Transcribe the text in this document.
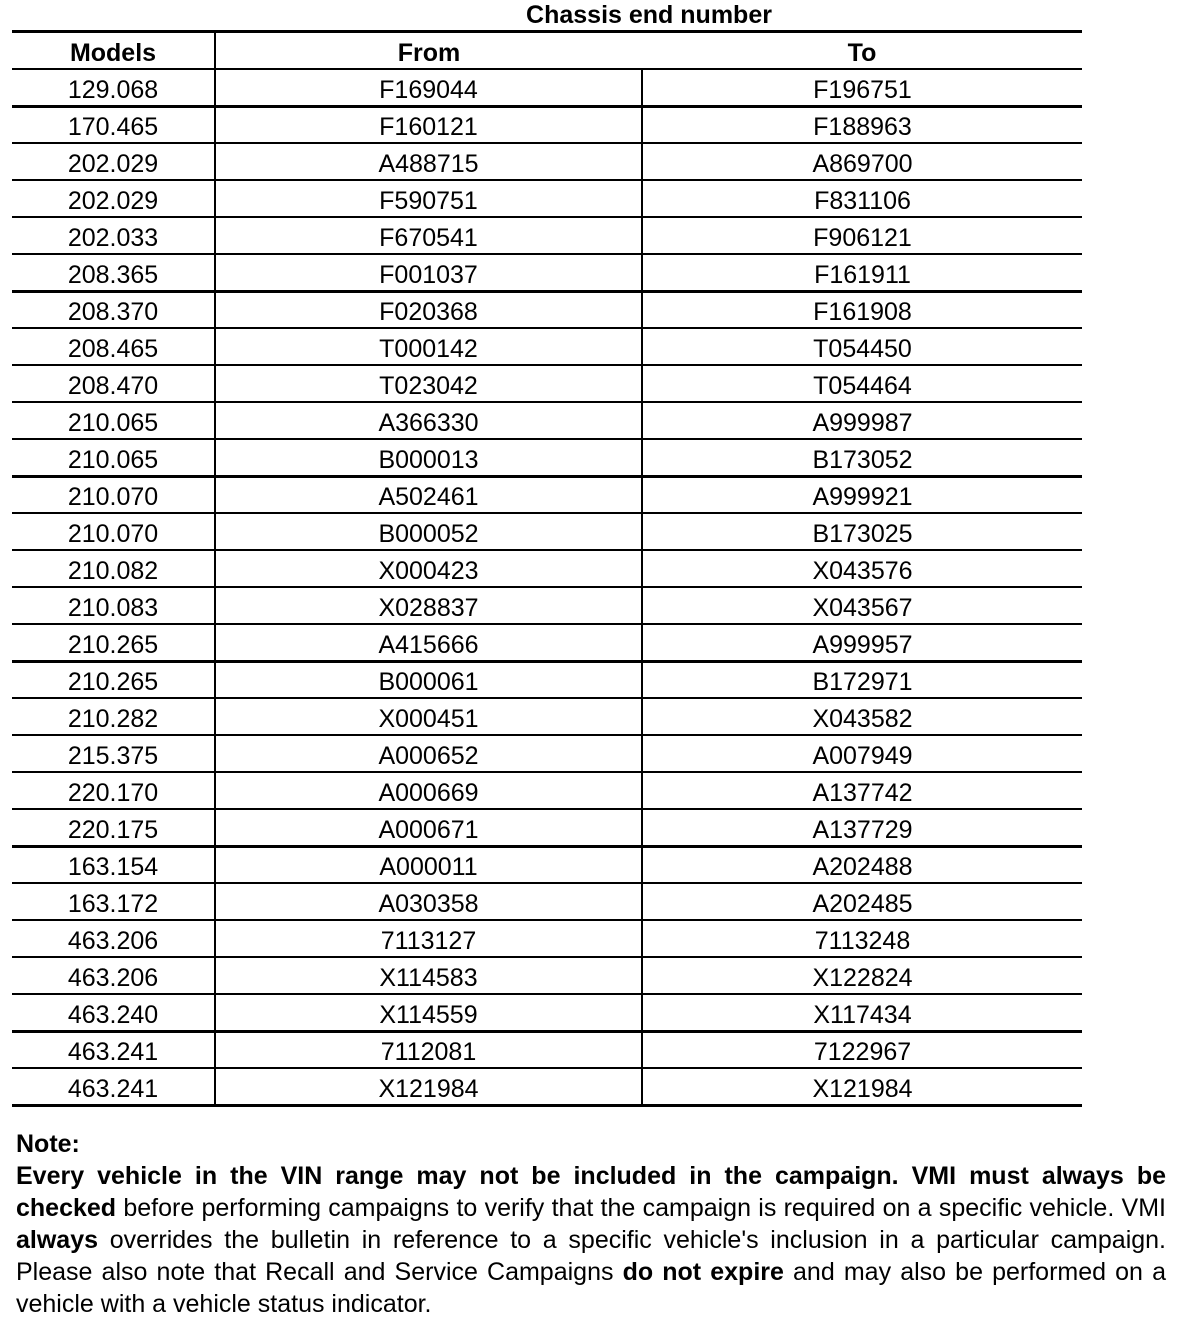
Chassis end number
Models	From	To
129.068	F169044	F196751
170.465	F160121	F188963
202.029	A488715	A869700
202.029	F590751	F831106
202.033	F670541	F906121
208.365	F001037	F161911
208.370	F020368	F161908
208.465	T000142	T054450
208.470	T023042	T054464
210.065	A366330	A999987
210.065	B000013	B173052
210.070	A502461	A999921
210.070	B000052	B173025
210.082	X000423	X043576
210.083	X028837	X043567
210.265	A415666	A999957
210.265	B000061	B172971
210.282	X000451	X043582
215.375	A000652	A007949
220.170	A000669	A137742
220.175	A000671	A137729
163.154	A000011	A202488
163.172	A030358	A202485
463.206	7113127	7113248
463.206	X114583	X122824
463.240	X114559	X117434
463.241	7112081	7122967
463.241	X121984	X121984
Note:
Every vehicle in the VIN range may not be included in the campaign. VMI must always be checked before performing campaigns to verify that the campaign is required on a specific vehicle. VMI always overrides the bulletin in reference to a specific vehicle's inclusion in a particular campaign. Please also note that Recall and Service Campaigns do not expire and may also be performed on a vehicle with a vehicle status indicator.
